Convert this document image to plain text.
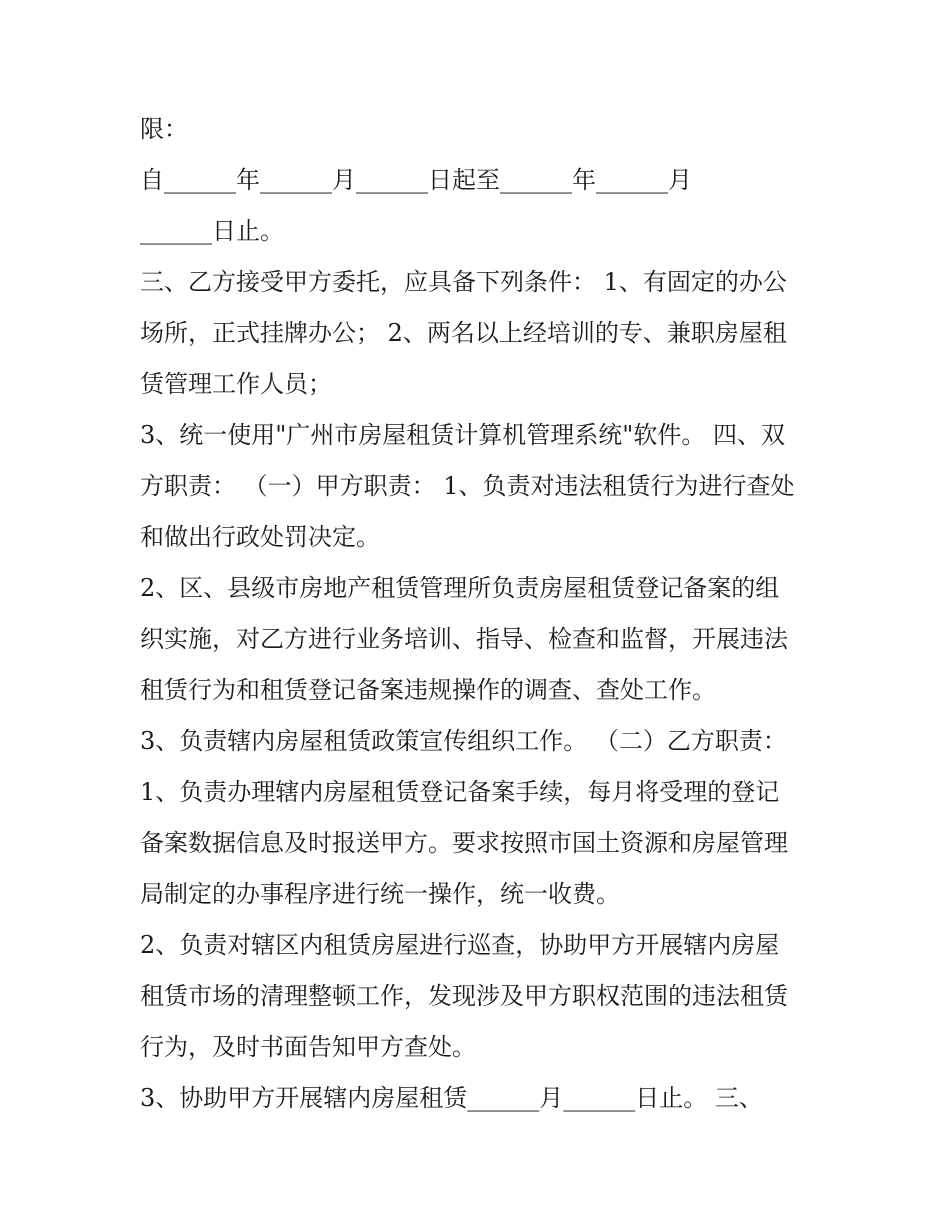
限：
自______年______月______日起至______年______月
______日止。
三、乙方接受甲方委托，应具备下列条件： 1、有固定的办公
场所，正式挂牌办公； 2、两名以上经培训的专、兼职房屋租
赁管理工作人员；
3、统一使用"广州市房屋租赁计算机管理系统"软件。 四、双
方职责： （一）甲方职责： 1、负责对违法租赁行为进行查处
和做出行政处罚决定。
2、区、县级市房地产租赁管理所负责房屋租赁登记备案的组
织实施，对乙方进行业务培训、指导、检查和监督，开展违法
租赁行为和租赁登记备案违规操作的调查、查处工作。
3、负责辖内房屋租赁政策宣传组织工作。 （二）乙方职责：
1、负责办理辖内房屋租赁登记备案手续，每月将受理的登记
备案数据信息及时报送甲方。要求按照市国土资源和房屋管理
局制定的办事程序进行统一操作，统一收费。
2、负责对辖区内租赁房屋进行巡查，协助甲方开展辖内房屋
租赁市场的清理整顿工作，发现涉及甲方职权范围的违法租赁
行为，及时书面告知甲方查处。
3、协助甲方开展辖内房屋租赁______月______日止。 三、
